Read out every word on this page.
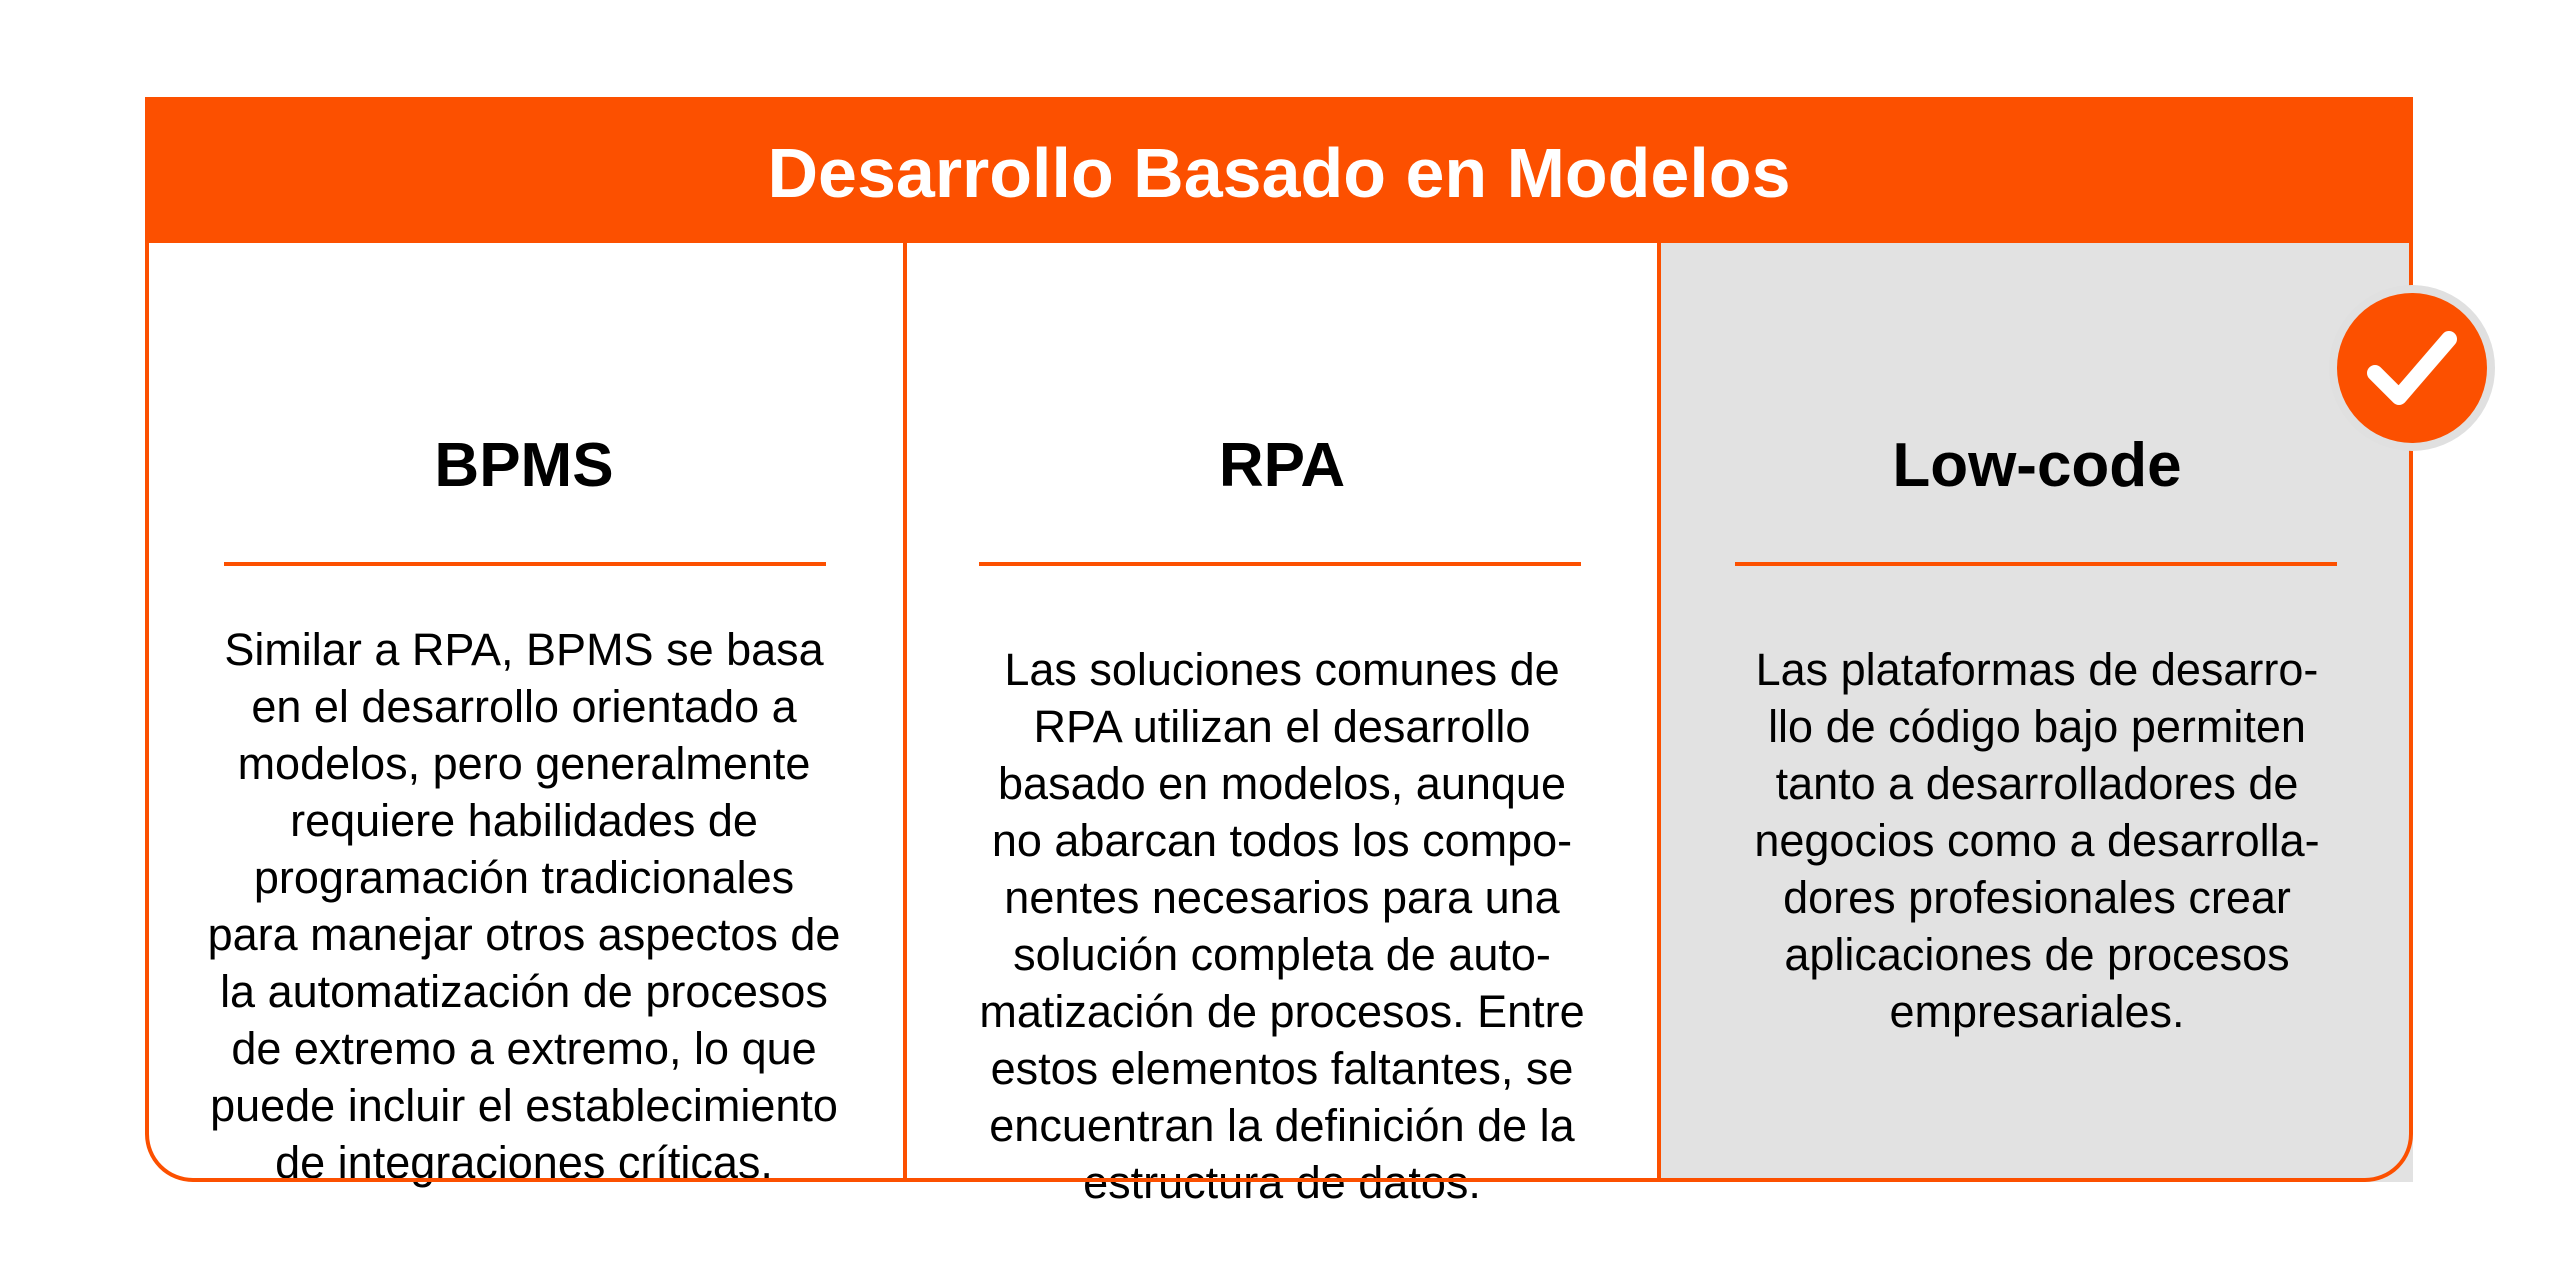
Desarrollo Basado en Modelos
BPMS
Similar a RPA, BPMS se basa
en el desarrollo orientado a
modelos, pero generalmente
requiere habilidades de
programación tradicionales
para manejar otros aspectos de
la automatización de procesos
de extremo a extremo, lo que
puede incluir el establecimiento
de integraciones críticas.
RPA
Las soluciones comunes de
RPA utilizan el desarrollo
basado en modelos, aunque
no abarcan todos los compo-
nentes necesarios para una
solución completa de auto-
matización de procesos. Entre
estos elementos faltantes, se
encuentran la definición de la
estructura de datos.
Low-code
Las plataformas de desarro-
llo de código bajo permiten
tanto a desarrolladores de
negocios como a desarrolla-
dores profesionales crear
aplicaciones de procesos
empresariales.
